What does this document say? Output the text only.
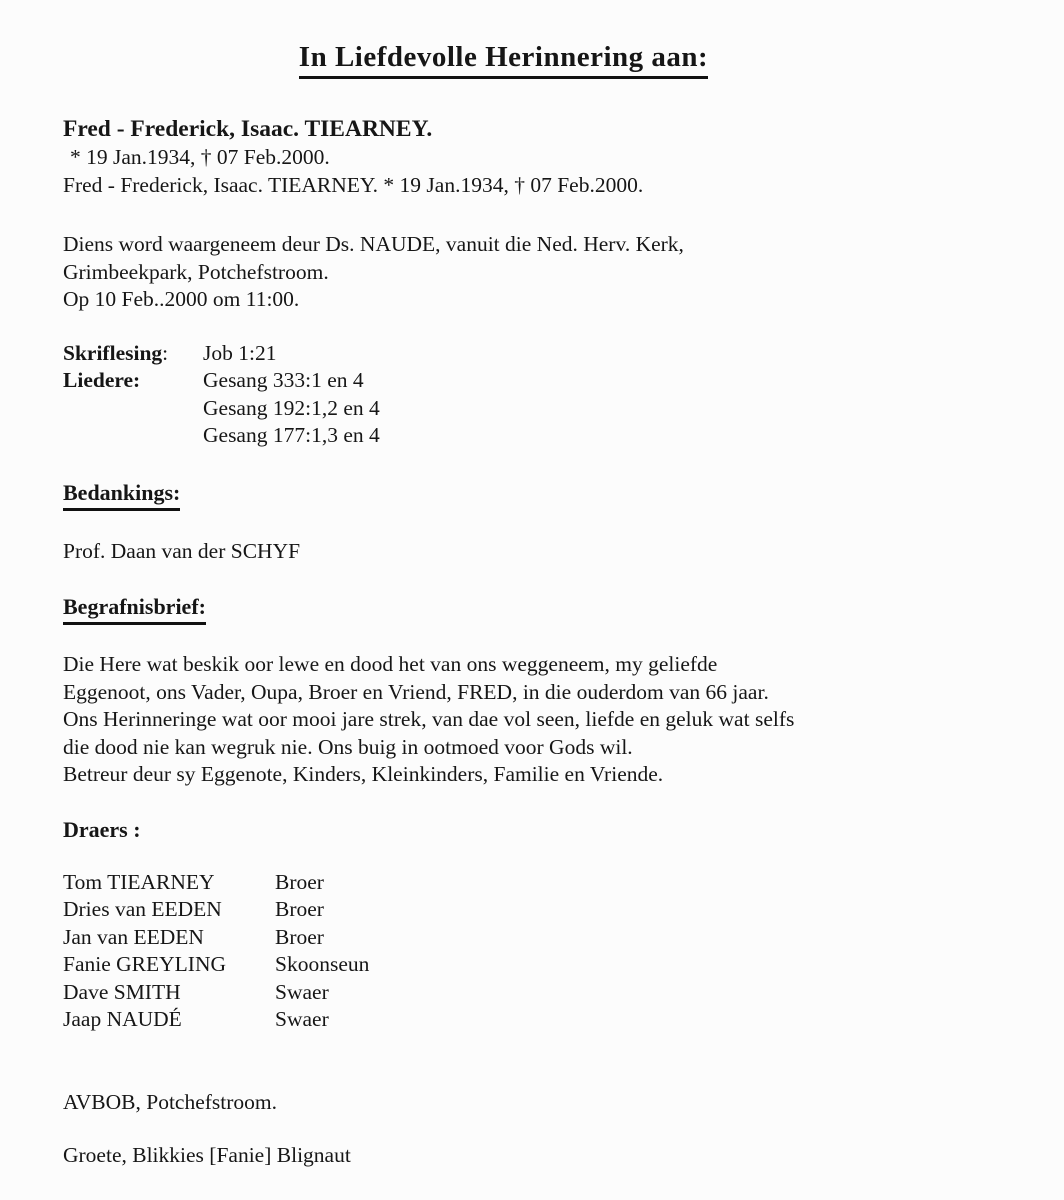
In Liefdevolle Herinnering aan:
Fred - Frederick, Isaac. TIEARNEY.
* 19 Jan.1934, † 07 Feb.2000.
Fred - Frederick, Isaac. TIEARNEY. * 19 Jan.1934, † 07 Feb.2000.
Diens word waargeneem deur Ds. NAUDE, vanuit die Ned. Herv. Kerk,
Grimbeekpark, Potchefstroom.
Op 10 Feb..2000 om 11:00.
Skriflesing:	Job 1:21
Liedere:	Gesang 333:1 en 4
Gesang 192:1,2 en 4
Gesang 177:1,3 en 4
Bedankings:
Prof. Daan van der SCHYF
Begrafnisbrief:
Die Here wat beskik oor lewe en dood het van ons weggeneem, my geliefde
Eggenoot, ons Vader, Oupa, Broer en Vriend, FRED, in die ouderdom van 66 jaar.
Ons Herinneringe wat oor mooi jare strek, van dae vol seen, liefde en geluk wat selfs
die dood nie kan wegruk nie. Ons buig in ootmoed voor Gods wil.
Betreur deur sy Eggenote, Kinders, Kleinkinders, Familie en Vriende.
Draers :
Tom TIEARNEY	Broer
Dries van EEDEN	Broer
Jan van EEDEN	Broer
Fanie GREYLING	Skoonseun
Dave SMITH	Swaer
Jaap NAUDÉ	Swaer
AVBOB, Potchefstroom.
Groete, Blikkies [Fanie] Blignaut
